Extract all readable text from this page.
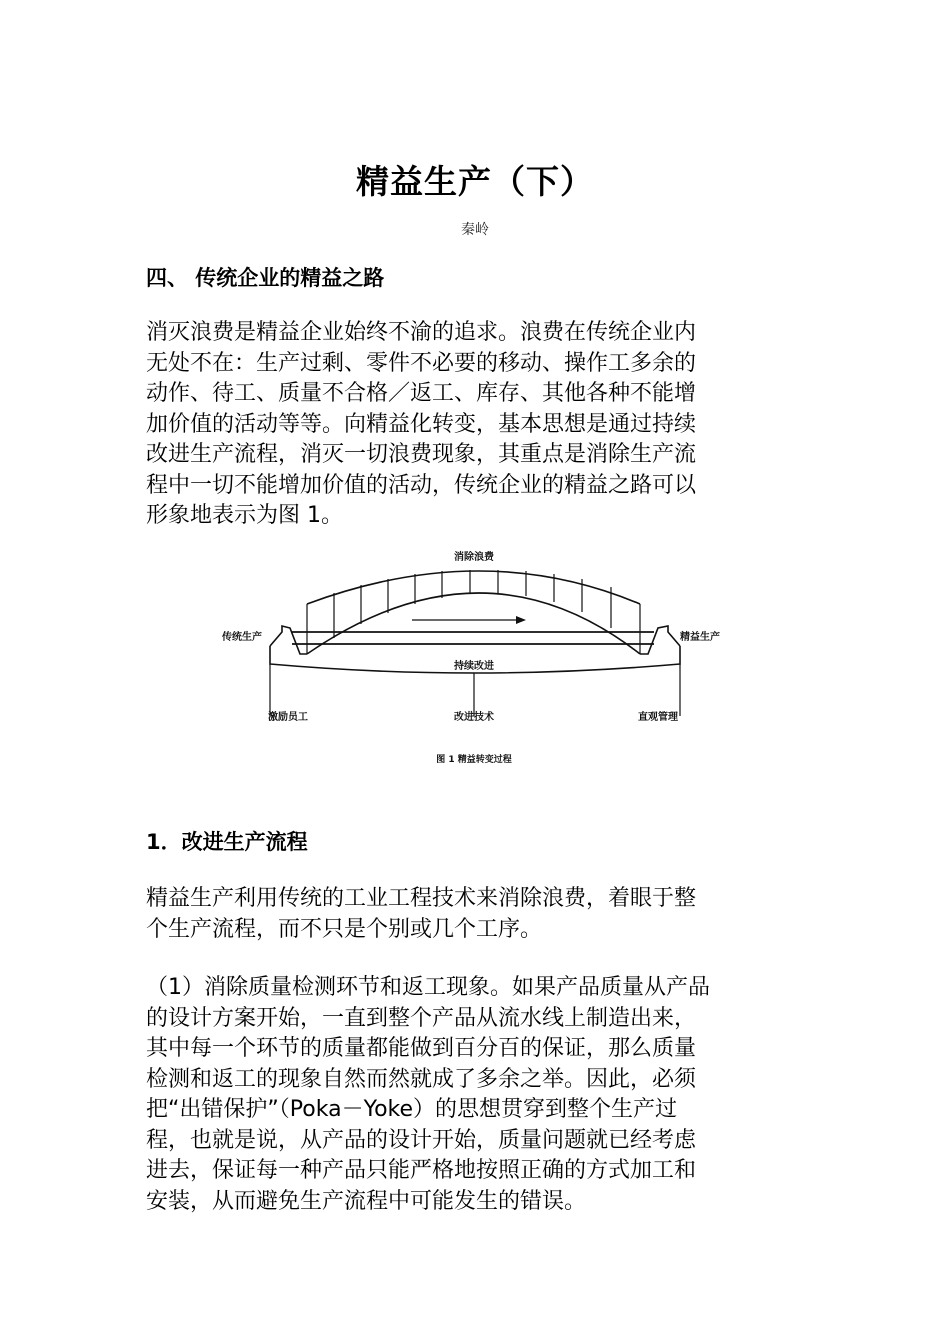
精益生产（下）
秦岭
四、 传统企业的精益之路
消灭浪费是精益企业始终不渝的追求。浪费在传统企业内
无处不在：生产过剩、零件不必要的移动、操作工多余的
动作、待工、质量不合格／返工、库存、其他各种不能增
加价值的活动等等。向精益化转变，基本思想是通过持续
改进生产流程，消灭一切浪费现象，其重点是消除生产流
程中一切不能增加价值的活动，传统企业的精益之路可以
形象地表示为图 1。
消除浪费
传统生产	精益生产
持续改进
激励员工	改进技术	直观管理
图 1 精益转变过程
1．改进生产流程
精益生产利用传统的工业工程技术来消除浪费，着眼于整
个生产流程，而不只是个别或几个工序。
（1）消除质量检测环节和返工现象。如果产品质量从产品
的设计方案开始，一直到整个产品从流水线上制造出来，
其中每一个环节的质量都能做到百分百的保证，那么质量
检测和返工的现象自然而然就成了多余之举。因此，必须
把“出错保护”（Poka－Yoke）的思想贯穿到整个生产过
程，也就是说，从产品的设计开始，质量问题就已经考虑
进去，保证每一种产品只能严格地按照正确的方式加工和
安装，从而避免生产流程中可能发生的错误。
